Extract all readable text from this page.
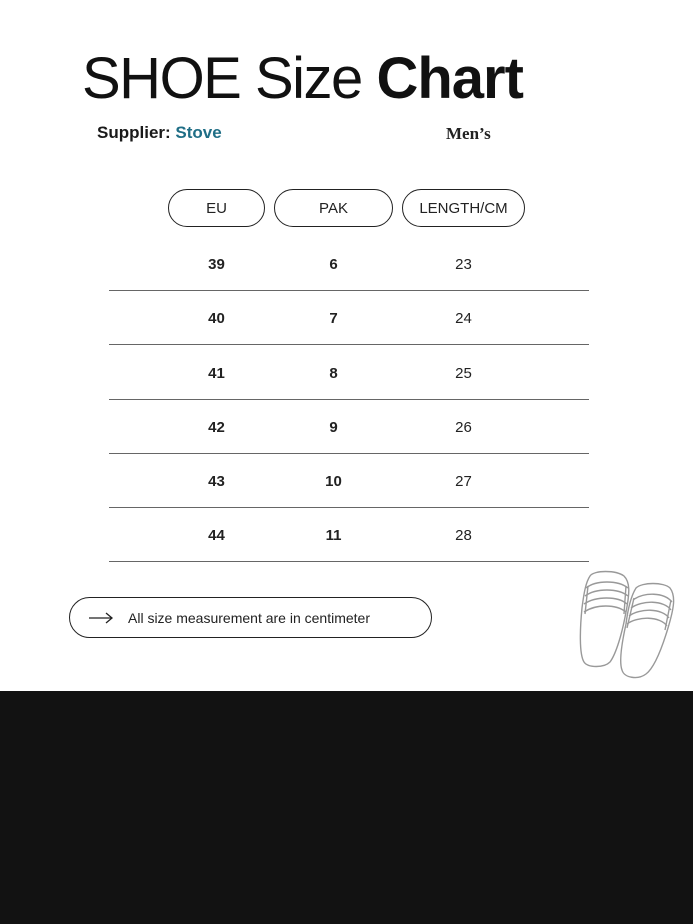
SHOE Size Chart
Supplier: Stove	Men’s
EU	PAK	LENGTH/CM
39	6	23
40	7	24
41	8	25
42	9	26
43	10	27
44	11	28
All size measurement are in centimeter
